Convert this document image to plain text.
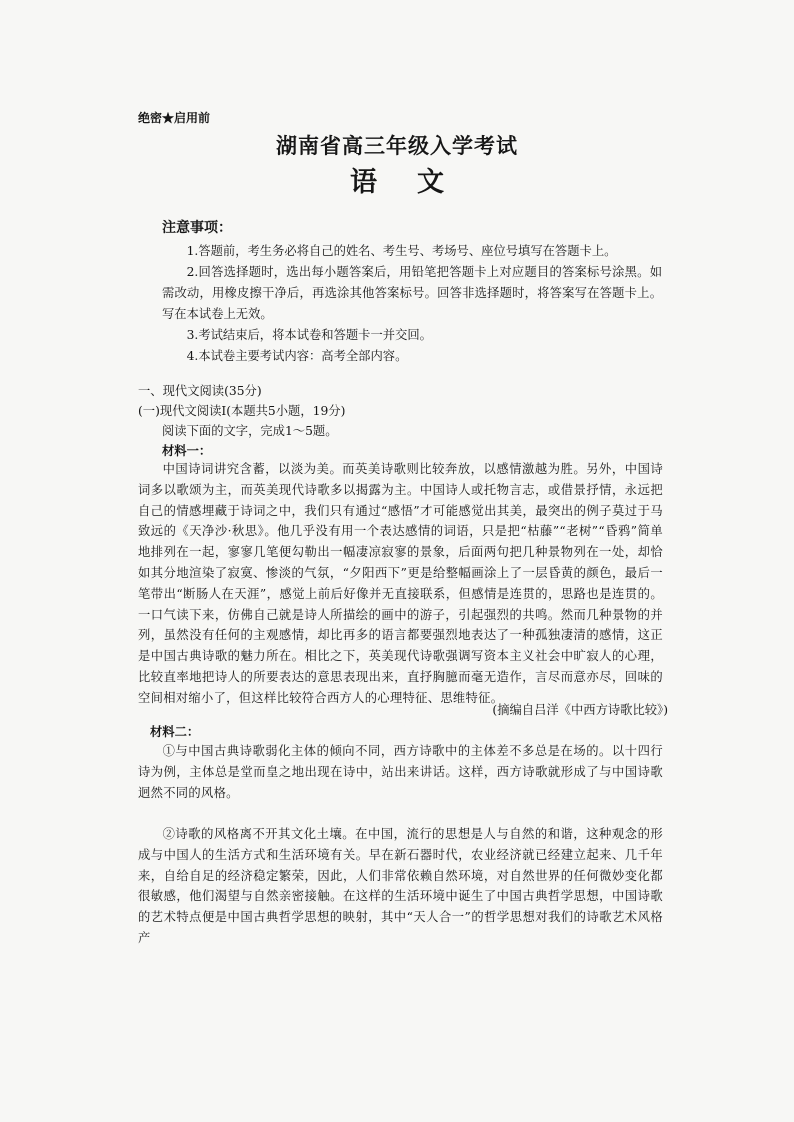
绝密★启用前
湖南省高三年级入学考试
语文
注意事项：

1.答题前，考生务必将自己的姓名、考生号、考场号、座位号填写在答题卡上。

2.回答选择题时，选出每小题答案后，用铅笔把答题卡上对应题目的答案标号涂黑。如需改动，用橡皮擦干净后，再选涂其他答案标号。回答非选择题时，将答案写在答题卡上。写在本试卷上无效。

3.考试结束后，将本试卷和答题卡一并交回。

4.本试卷主要考试内容：高考全部内容。

一、现代文阅读(35分)
(一)现代文阅读Ⅰ(本题共5小题，19分)
阅读下面的文字，完成1～5题。
材料一：

中国诗词讲究含蓄，以淡为美。而英美诗歌则比较奔放，以感情激越为胜。另外，中国诗词多以歌颂为主，而英美现代诗歌多以揭露为主。中国诗人或托物言志，或借景抒情，永远把自己的情感埋藏于诗词之中，我们只有通过“感悟”才可能感觉出其美，最突出的例子莫过于马致远的《天净沙·秋思》。他几乎没有用一个表达感情的词语，只是把“枯藤”“老树”“昏鸦”简单地排列在一起，寥寥几笔便勾勒出一幅凄凉寂寥的景象，后面两句把几种景物列在一处，却恰如其分地渲染了寂寞、惨淡的气氛，“夕阳西下”更是给整幅画涂上了一层昏黄的颜色，最后一笔带出“断肠人在天涯”，感觉上前后好像并无直接联系，但感情是连贯的，思路也是连贯的。一口气读下来，仿佛自己就是诗人所描绘的画中的游子，引起强烈的共鸣。然而几种景物的并列，虽然没有任何的主观感情，却比再多的语言都要强烈地表达了一种孤独凄清的感情，这正是中国古典诗歌的魅力所在。相比之下，英美现代诗歌强调写资本主义社会中旷寂人的心理，比较直率地把诗人的所要表达的意思表现出来，直抒胸臆而毫无造作，言尽而意亦尽，回味的空间相对缩小了，但这样比较符合西方人的心理特征、思维特征。

(摘编自吕洋《中西方诗歌比较》)
材料二：

①与中国古典诗歌弱化主体的倾向不同，西方诗歌中的主体差不多总是在场的。以十四行诗为例，主体总是堂而皇之地出现在诗中，站出来讲话。这样，西方诗歌就形成了与中国诗歌迥然不同的风格。

②诗歌的风格离不开其文化土壤。在中国，流行的思想是人与自然的和谐，这种观念的形成与中国人的生活方式和生活环境有关。早在新石器时代，农业经济就已经建立起来、几千年来，自给自足的经济稳定繁荣，因此，人们非常依赖自然环境，对自然世界的任何微妙变化都很敏感，他们渴望与自然亲密接触。在这样的生活环境中诞生了中国古典哲学思想，中国诗歌的艺术特点便是中国古典哲学思想的映射，其中“天人合一”的哲学思想对我们的诗歌艺术风格产
